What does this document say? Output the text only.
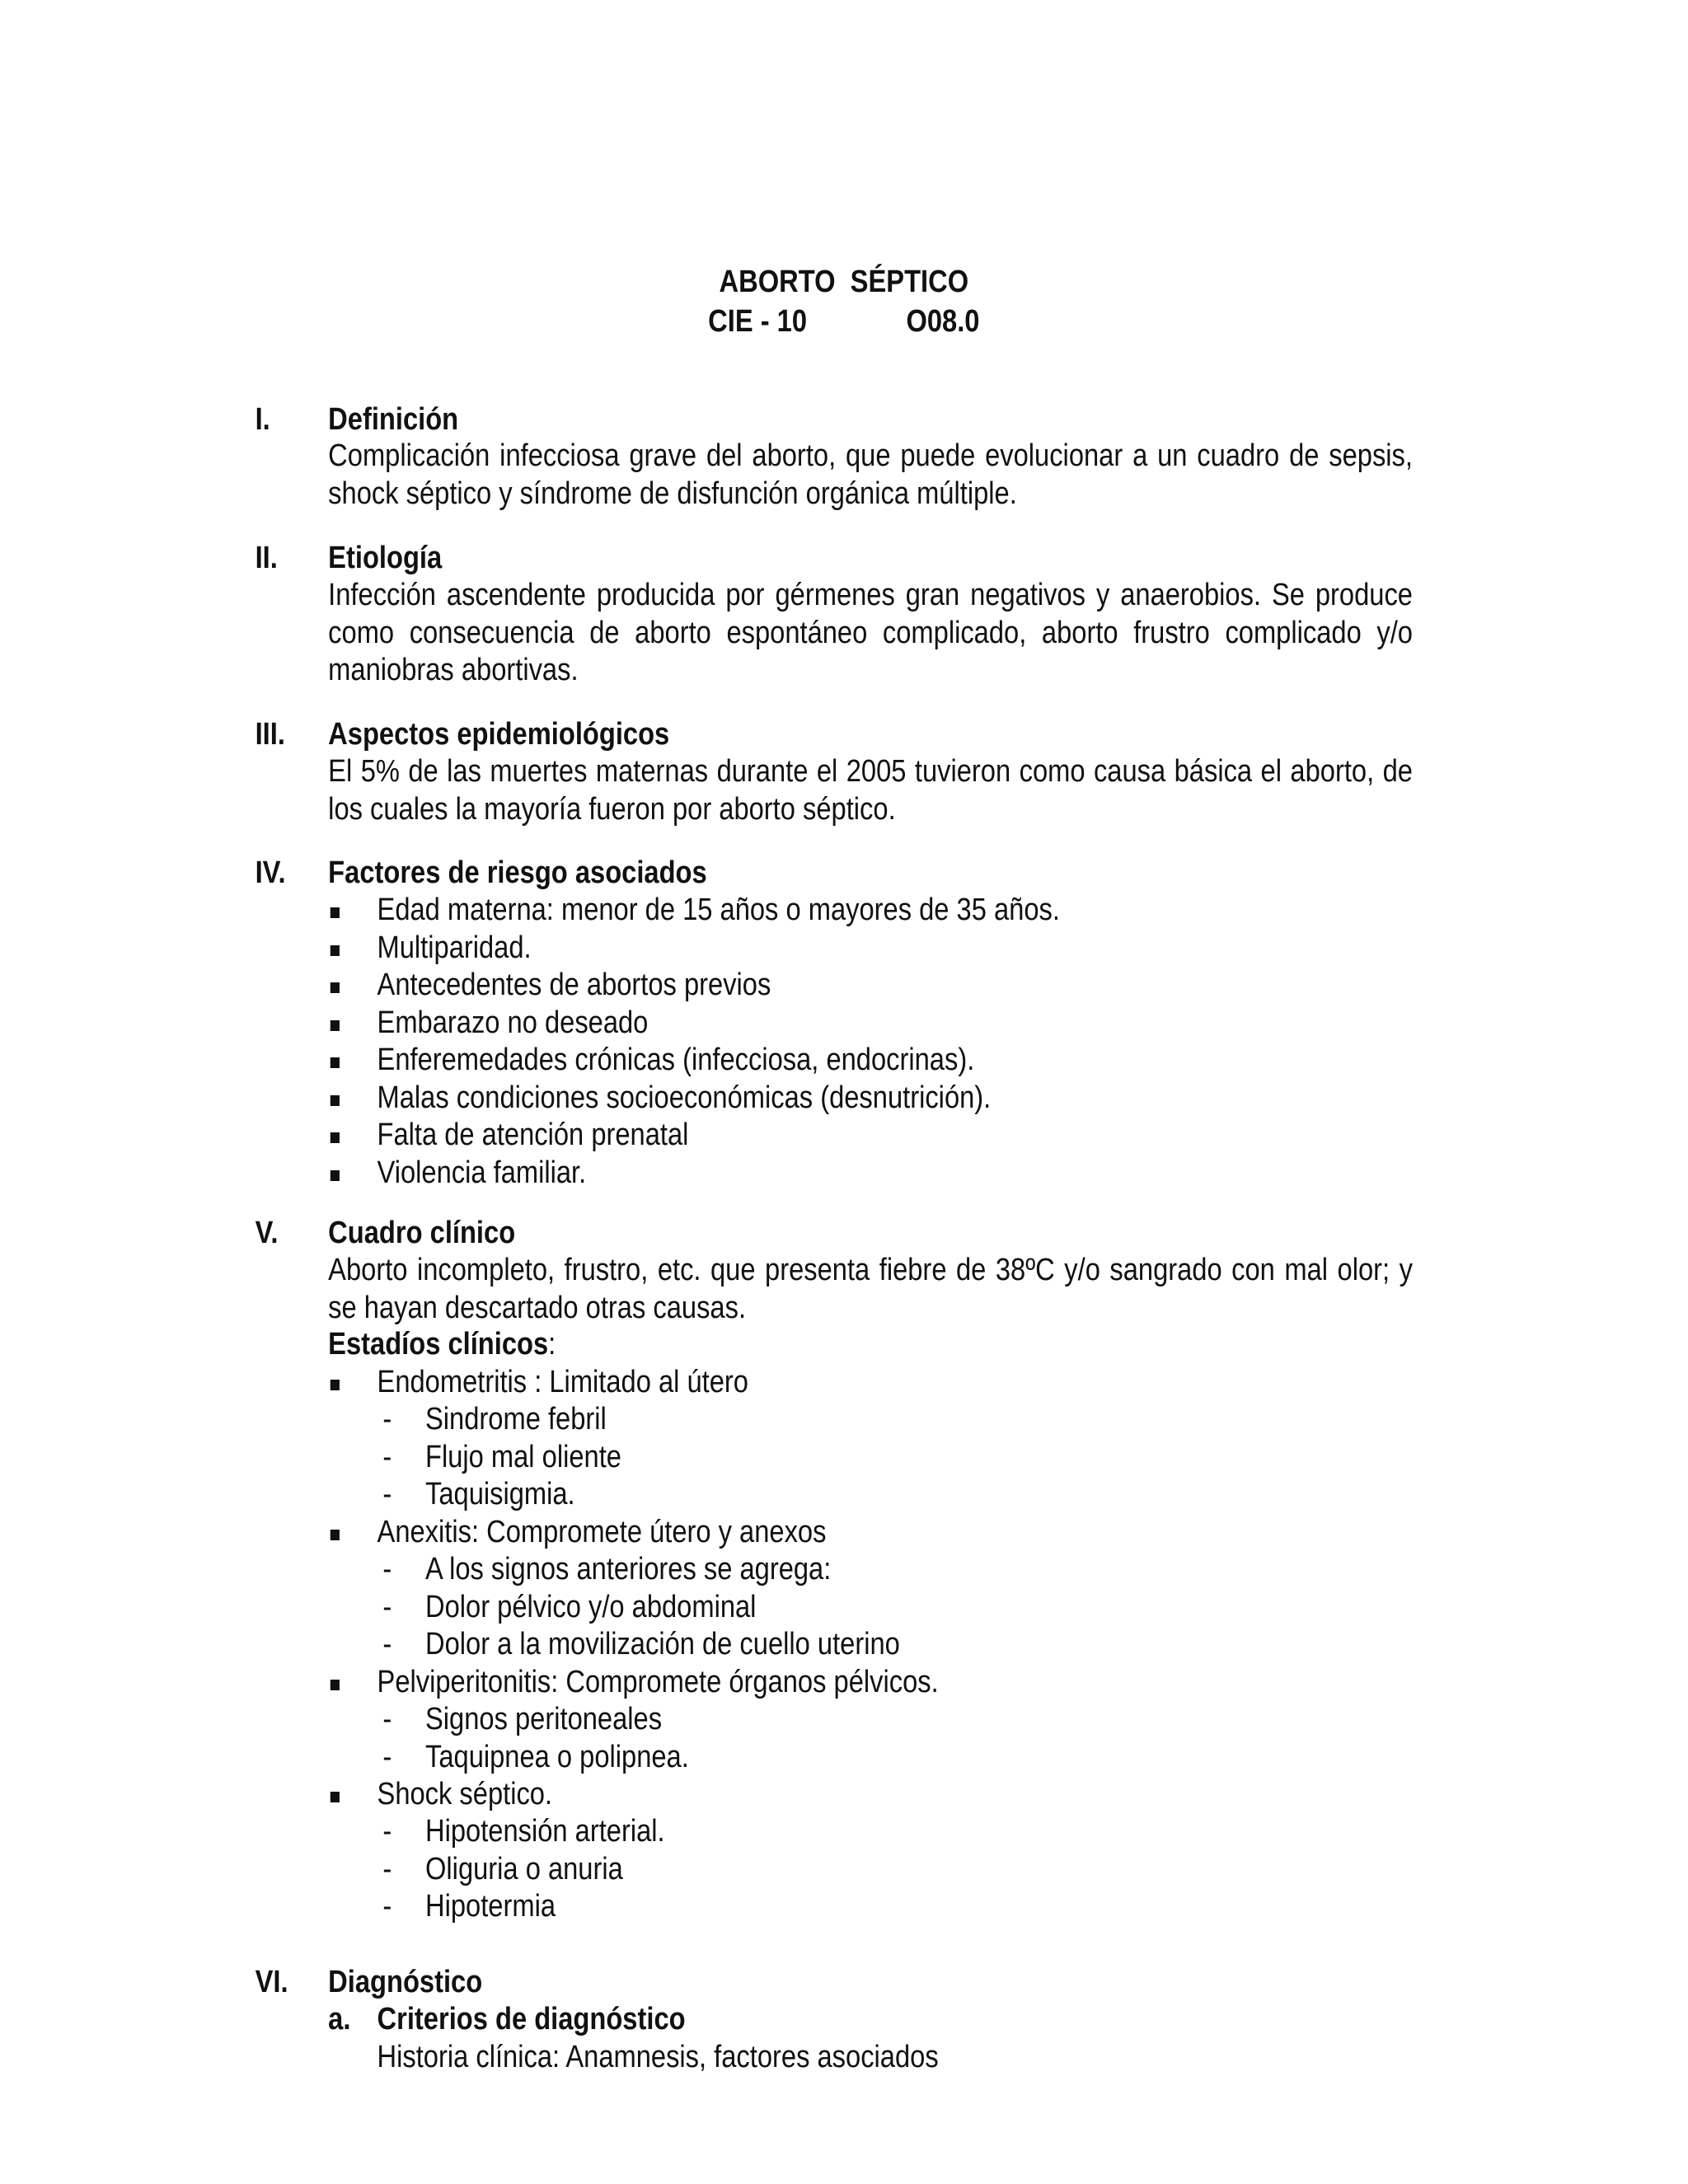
ABORTO  SÉPTICO
CIE - 10	O08.0
I. Definición
Complicación infecciosa grave del aborto, que puede evolucionar a un cuadro de sepsis, shock séptico y síndrome de disfunción orgánica múltiple.
II. Etiología
Infección ascendente producida por gérmenes gran negativos y anaerobios. Se produce como consecuencia de aborto espontáneo complicado, aborto frustro complicado y/o maniobras abortivas.
III. Aspectos epidemiológicos
El 5% de las muertes maternas durante el 2005 tuvieron como causa básica el aborto, de los cuales la mayoría fueron por aborto séptico.
IV. Factores de riesgo asociados
Edad materna: menor de 15 años o mayores de 35 años.
Multiparidad.
Antecedentes de abortos previos
Embarazo no deseado
Enferemedades crónicas (infecciosa, endocrinas).
Malas condiciones socioeconómicas (desnutrición).
Falta de atención prenatal
Violencia familiar.
V. Cuadro clínico
Aborto incompleto, frustro, etc. que presenta fiebre de 38ºC y/o sangrado con mal olor; y se hayan descartado otras causas.
Estadíos clínicos:
Endometritis : Limitado al útero
- Sindrome febril
- Flujo mal oliente
- Taquisigmia.
Anexitis: Compromete útero y anexos
- A los signos anteriores se agrega:
- Dolor pélvico y/o abdominal
- Dolor a la movilización de cuello uterino
Pelviperitonitis: Compromete órganos pélvicos.
- Signos peritoneales
- Taquipnea o polipnea.
Shock séptico.
- Hipotensión arterial.
- Oliguria o anuria
- Hipotermia
VI. Diagnóstico
a. Criterios de diagnóstico
Historia clínica: Anamnesis, factores asociados
